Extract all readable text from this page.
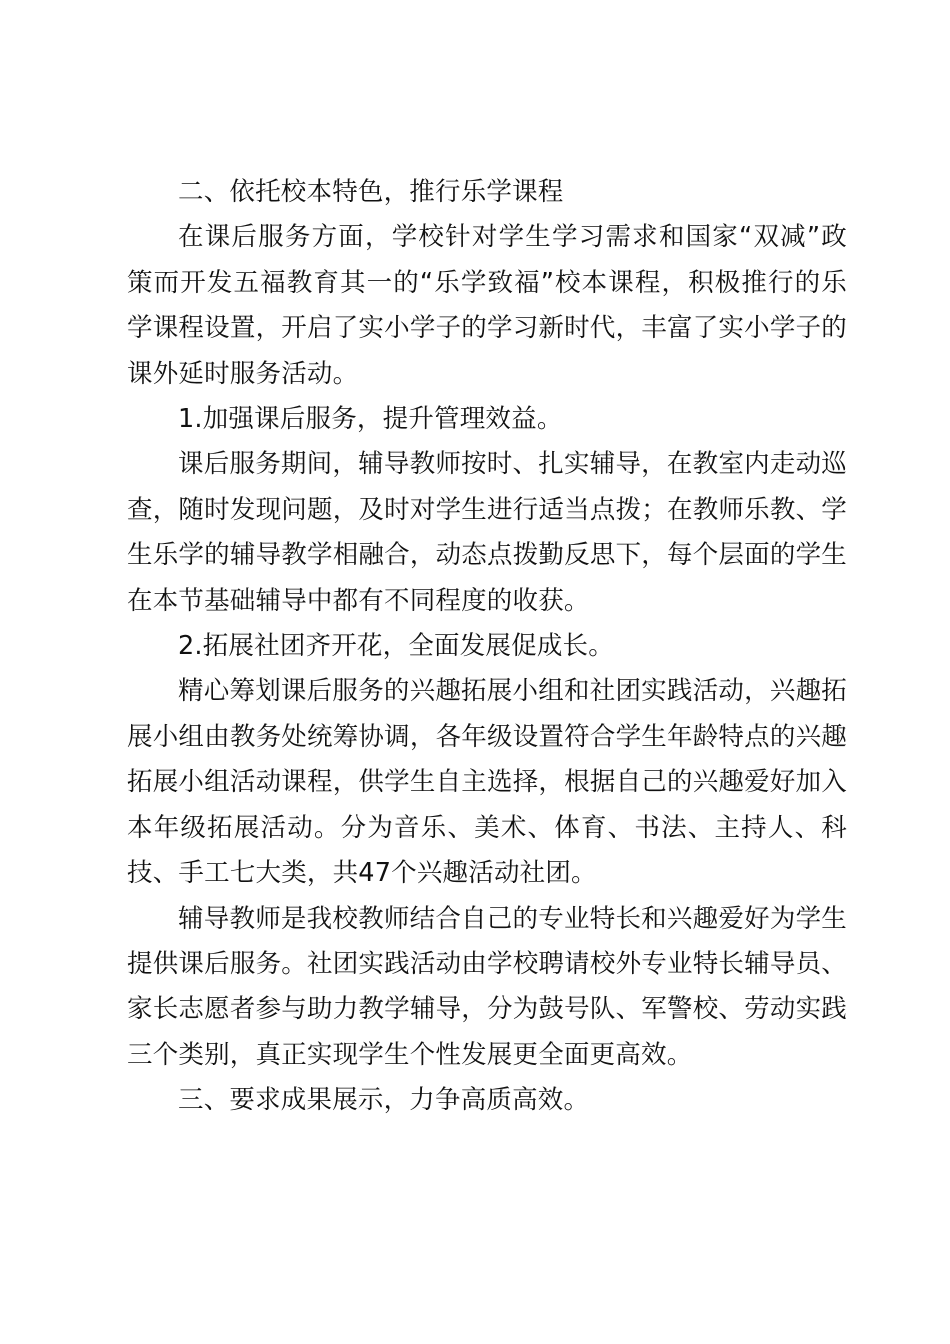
二、依托校本特色，推行乐学课程

在课后服务方面，学校针对学生学习需求和国家“双减”政策而开发五福教育其一的“乐学致福”校本课程，积极推行的乐学课程设置，开启了实小学子的学习新时代，丰富了实小学子的课外延时服务活动。

1.加强课后服务，提升管理效益。

课后服务期间，辅导教师按时、扎实辅导，在教室内走动巡查，随时发现问题，及时对学生进行适当点拨；在教师乐教、学生乐学的辅导教学相融合，动态点拨勤反思下，每个层面的学生在本节基础辅导中都有不同程度的收获。

2.拓展社团齐开花，全面发展促成长。

精心筹划课后服务的兴趣拓展小组和社团实践活动，兴趣拓展小组由教务处统筹协调，各年级设置符合学生年龄特点的兴趣拓展小组活动课程，供学生自主选择，根据自己的兴趣爱好加入本年级拓展活动。分为音乐、美术、体育、书法、主持人、科技、手工七大类，共47个兴趣活动社团。

辅导教师是我校教师结合自己的专业特长和兴趣爱好为学生提供课后服务。社团实践活动由学校聘请校外专业特长辅导员、家长志愿者参与助力教学辅导，分为鼓号队、军警校、劳动实践三个类别，真正实现学生个性发展更全面更高效。

三、要求成果展示，力争高质高效。
